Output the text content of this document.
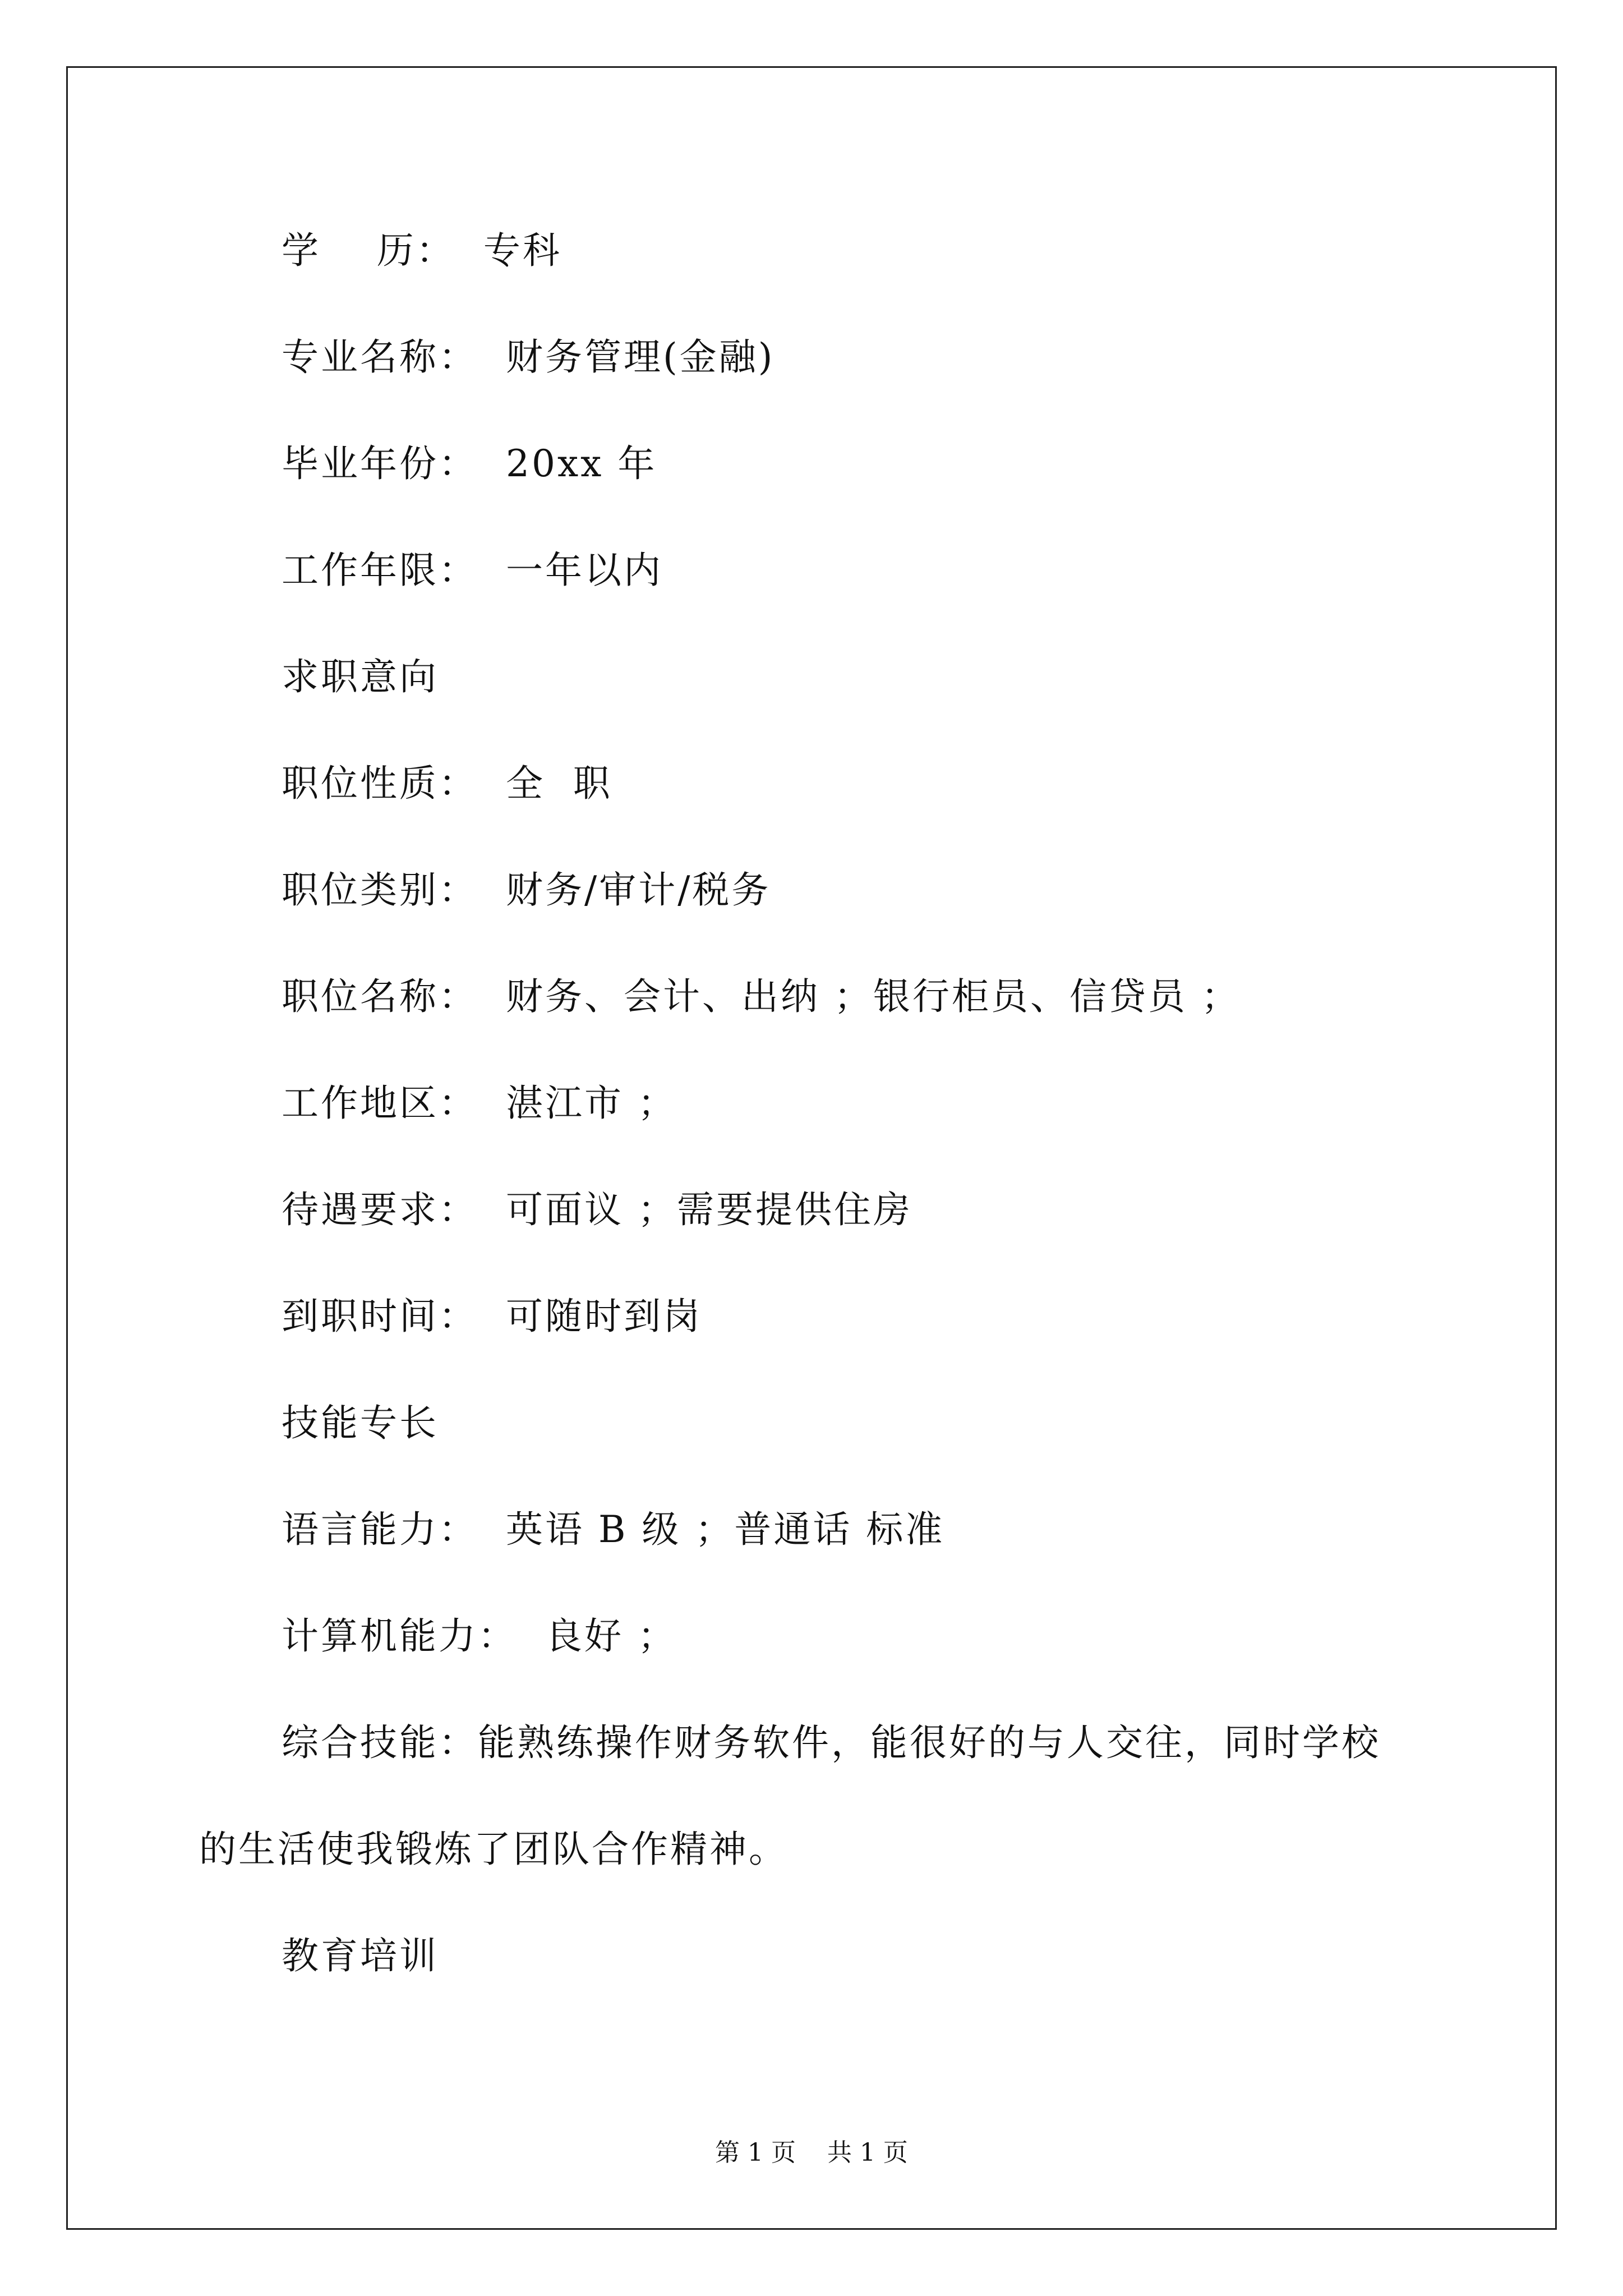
学    历：  专科
专业名称：  财务管理(金融)
毕业年份：  20xx 年
工作年限：  一年以内
求职意向
职位性质：  全  职
职位类别：  财务/审计/税务
职位名称：  财务、会计、出纳 ；银行柜员、信贷员 ；
工作地区：  湛江市 ；
待遇要求：  可面议 ；需要提供住房
到职时间：  可随时到岗
技能专长
语言能力：  英语 B 级 ；普通话 标准
计算机能力：  良好 ；
综合技能：能熟练操作财务软件，能很好的与人交往，同时学校
的生活使我锻炼了团队合作精神。
教育培训
第 1 页    共 1 页
